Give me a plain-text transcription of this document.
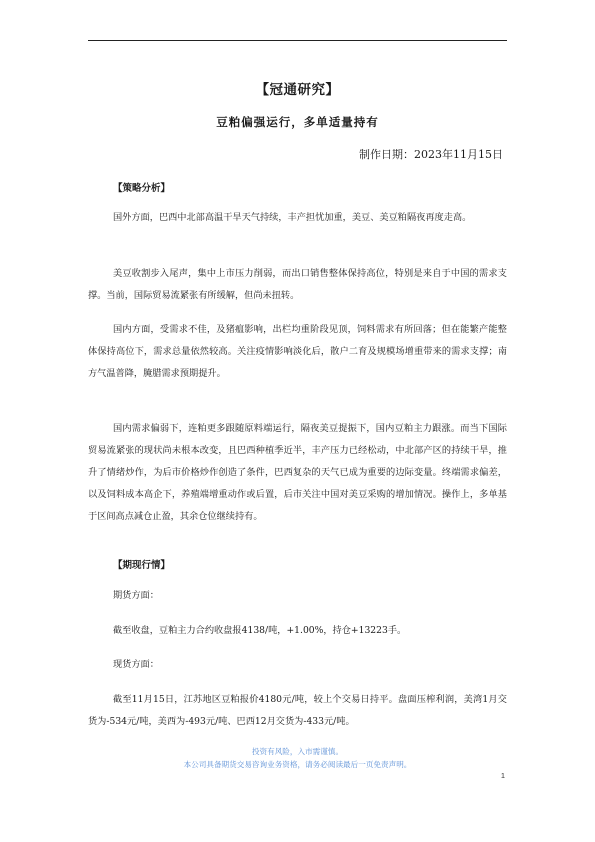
【冠通研究】
豆粕偏强运行，多单适量持有
制作日期：2023年11月15日
【策略分析】

国外方面，巴西中北部高温干旱天气持续，丰产担忧加重，美豆、美豆粕隔夜再度走高。

美豆收割步入尾声，集中上市压力削弱，而出口销售整体保持高位，特别是来自于中国的需求支撑。当前，国际贸易流紧张有所缓解，但尚未扭转。

国内方面，受需求不佳，及猪瘟影响，出栏均重阶段见顶，饲料需求有所回落；但在能繁产能整体保持高位下，需求总量依然较高。关注疫情影响淡化后，散户二育及规模场增重带来的需求支撑；南方气温普降，腌腊需求预期提升。

国内需求偏弱下，连粕更多跟随原料端运行，隔夜美豆提振下，国内豆粕主力跟涨。而当下国际贸易流紧张的现状尚未根本改变，且巴西种植季近半，丰产压力已经松动，中北部产区的持续干旱，推升了情绪炒作，为后市价格炒作创造了条件，巴西复杂的天气已成为重要的边际变量。终端需求偏差，以及饲料成本高企下，养殖端增重动作或后置，后市关注中国对美豆采购的增加情况。操作上，多单基于区间高点减仓止盈，其余仓位继续持有。

【期现行情】

期货方面：

截至收盘，豆粕主力合约收盘报4138/吨，+1.00%，持仓+13223手。

现货方面：

截至11月15日，江苏地区豆粕报价4180元/吨，较上个交易日持平。盘面压榨利润，美湾1月交货为-534元/吨，美西为-493元/吨、巴西12月交货为-433元/吨。

投资有风险，入市需谨慎。
本公司具备期货交易咨询业务资格，请务必阅读最后一页免责声明。
1
